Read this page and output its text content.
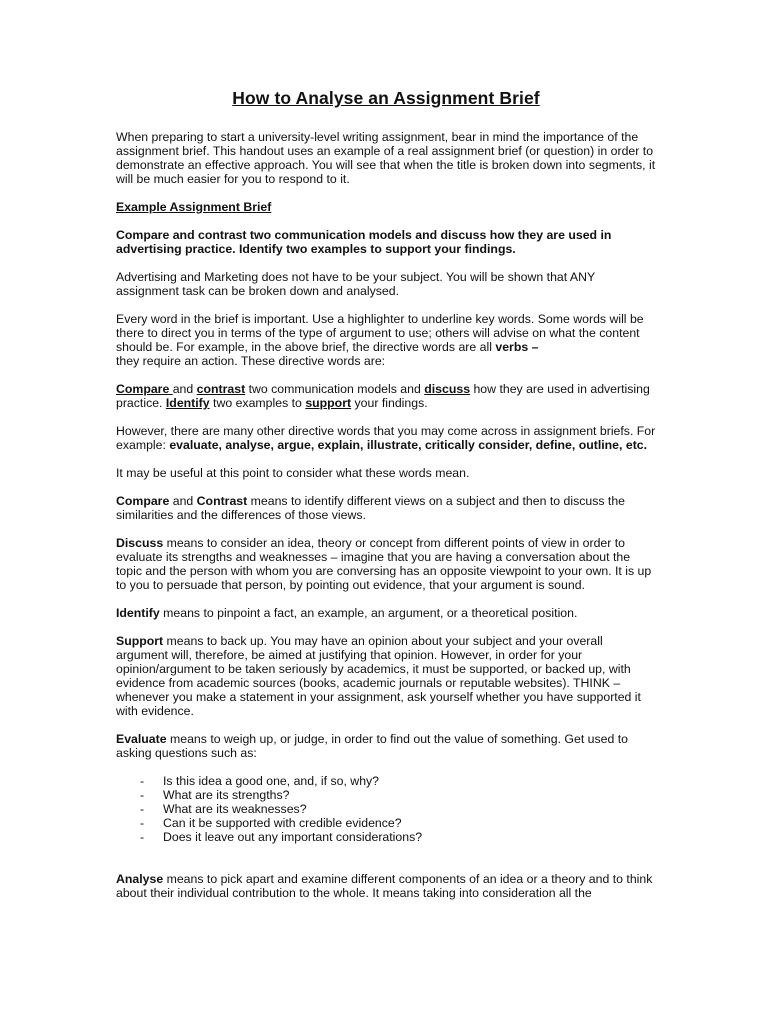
How to Analyse an Assignment Brief

When preparing to start a university-level writing assignment, bear in mind the importance of the assignment brief. This handout uses an example of a real assignment brief (or question) in order to demonstrate an effective approach. You will see that when the title is broken down into segments, it will be much easier for you to respond to it.

Example Assignment Brief

Compare and contrast two communication models and discuss how they are used in advertising practice. Identify two examples to support your findings.

Advertising and Marketing does not have to be your subject. You will be shown that ANY assignment task can be broken down and analysed.

Every word in the brief is important. Use a highlighter to underline key words. Some words will be there to direct you in terms of the type of argument to use; others will advise on what the content should be. For example, in the above brief, the directive words are all verbs –
they require an action. These directive words are:

Compare and contrast two communication models and discuss how they are used in advertising practice. Identify two examples to support your findings.

However, there are many other directive words that you may come across in assignment briefs. For example: evaluate, analyse, argue, explain, illustrate, critically consider, define, outline, etc.

It may be useful at this point to consider what these words mean.

Compare and Contrast means to identify different views on a subject and then to discuss the similarities and the differences of those views.

Discuss means to consider an idea, theory or concept from different points of view in order to evaluate its strengths and weaknesses – imagine that you are having a conversation about the topic and the person with whom you are conversing has an opposite viewpoint to your own. It is up to you to persuade that person, by pointing out evidence, that your argument is sound.

Identify means to pinpoint a fact, an example, an argument, or a theoretical position.

Support means to back up. You may have an opinion about your subject and your overall argument will, therefore, be aimed at justifying that opinion. However, in order for your opinion/argument to be taken seriously by academics, it must be supported, or backed up, with evidence from academic sources (books, academic journals or reputable websites). THINK – whenever you make a statement in your assignment, ask yourself whether you have supported it with evidence.

Evaluate means to weigh up, or judge, in order to find out the value of something. Get used to asking questions such as:

- Is this idea a good one, and, if so, why?
- What are its strengths?
- What are its weaknesses?
- Can it be supported with credible evidence?
- Does it leave out any important considerations?

Analyse means to pick apart and examine different components of an idea or a theory and to think about their individual contribution to the whole. It means taking into consideration all the
